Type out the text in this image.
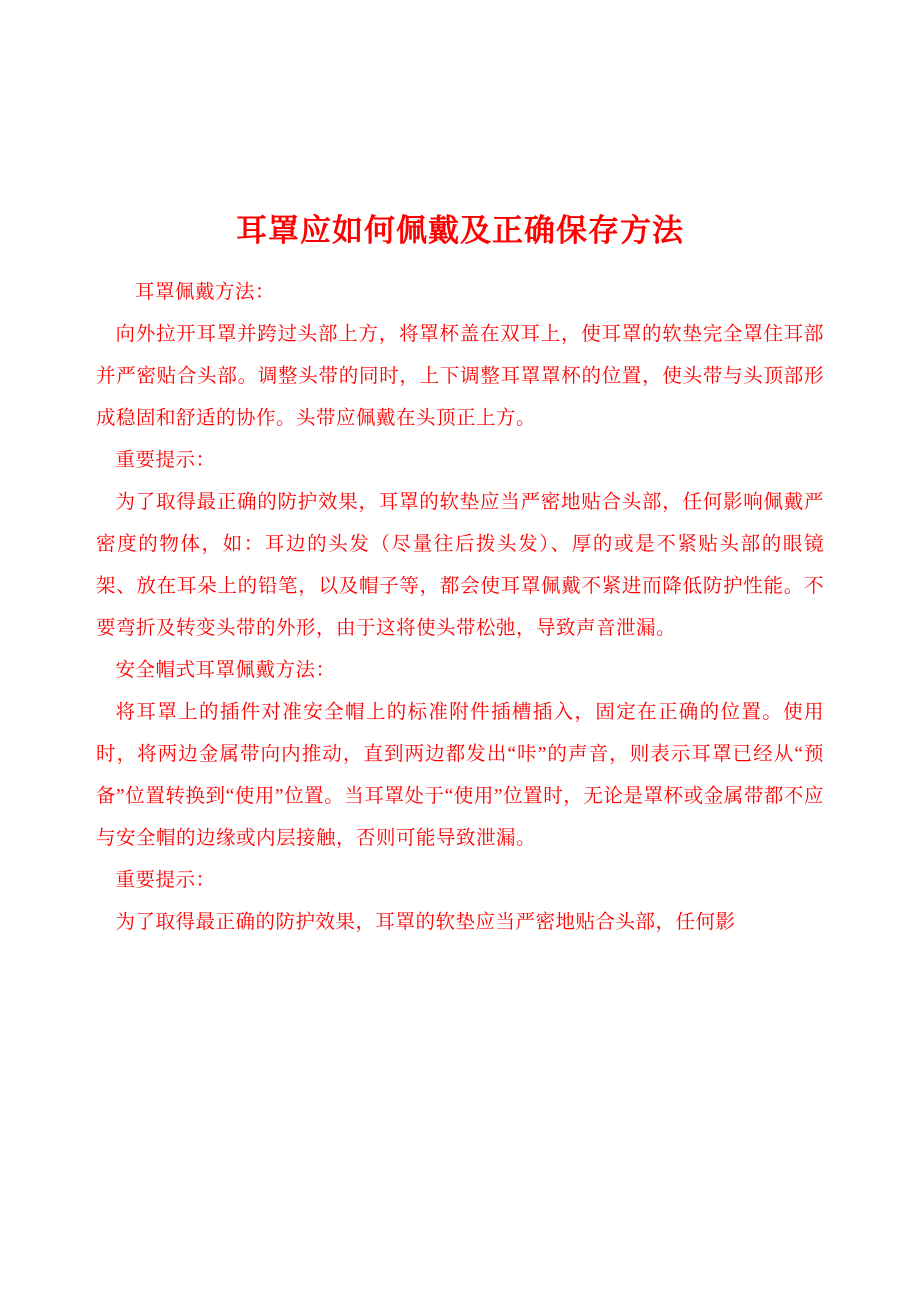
耳罩应如何佩戴及正确保存方法

耳罩佩戴方法：

向外拉开耳罩并跨过头部上方，将罩杯盖在双耳上，使耳罩的软垫完全罩住耳部并严密贴合头部。调整头带的同时，上下调整耳罩罩杯的位置，使头带与头顶部形成稳固和舒适的协作。头带应佩戴在头顶正上方。

重要提示：

为了取得最正确的防护效果，耳罩的软垫应当严密地贴合头部，任何影响佩戴严密度的物体，如：耳边的头发（尽量往后拨头发）、厚的或是不紧贴头部的眼镜架、放在耳朵上的铅笔，以及帽子等，都会使耳罩佩戴不紧进而降低防护性能。不要弯折及转变头带的外形，由于这将使头带松弛，导致声音泄漏。

安全帽式耳罩佩戴方法：

将耳罩上的插件对准安全帽上的标准附件插槽插入，固定在正确的位置。使用时，将两边金属带向内推动，直到两边都发出“咔”的声音，则表示耳罩已经从“预备”位置转换到“使用”位置。当耳罩处于“使用”位置时，无论是罩杯或金属带都不应与安全帽的边缘或内层接触，否则可能导致泄漏。

重要提示：

为了取得最正确的防护效果，耳罩的软垫应当严密地贴合头部，任何影
